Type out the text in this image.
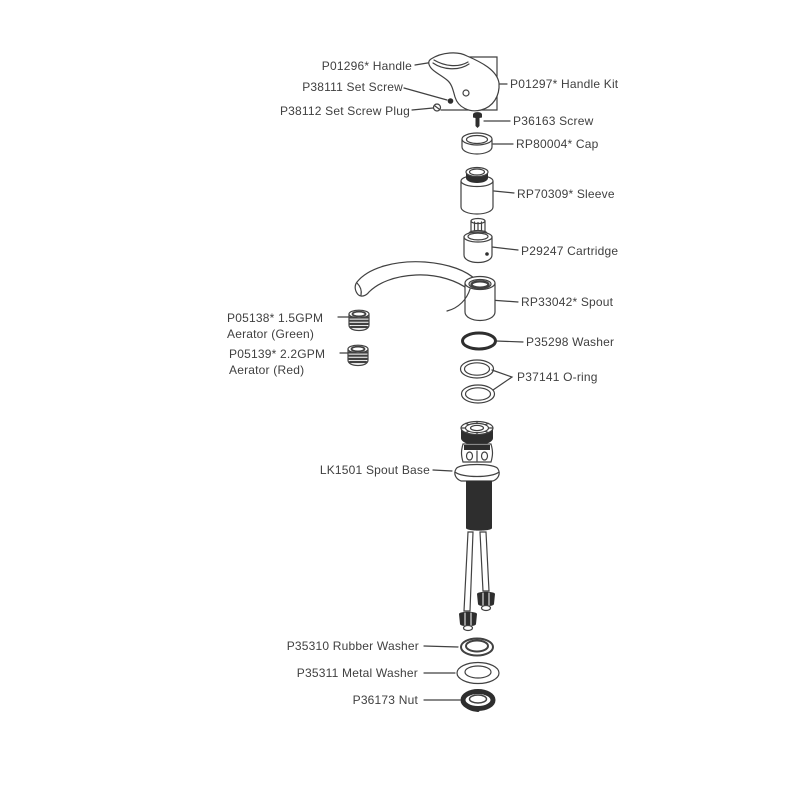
P01296* Handle
P38111 Set Screw
P38112 Set Screw Plug
P01297* Handle Kit
P36163 Screw
RP80004* Cap
RP70309* Sleeve
P29247 Cartridge
RP33042* Spout
P05138* 1.5GPM
Aerator (Green)
P05139* 2.2GPM
Aerator (Red)
P35298 Washer
P37141 O-ring
LK1501 Spout Base
P35310 Rubber Washer
P35311 Metal Washer
P36173 Nut
